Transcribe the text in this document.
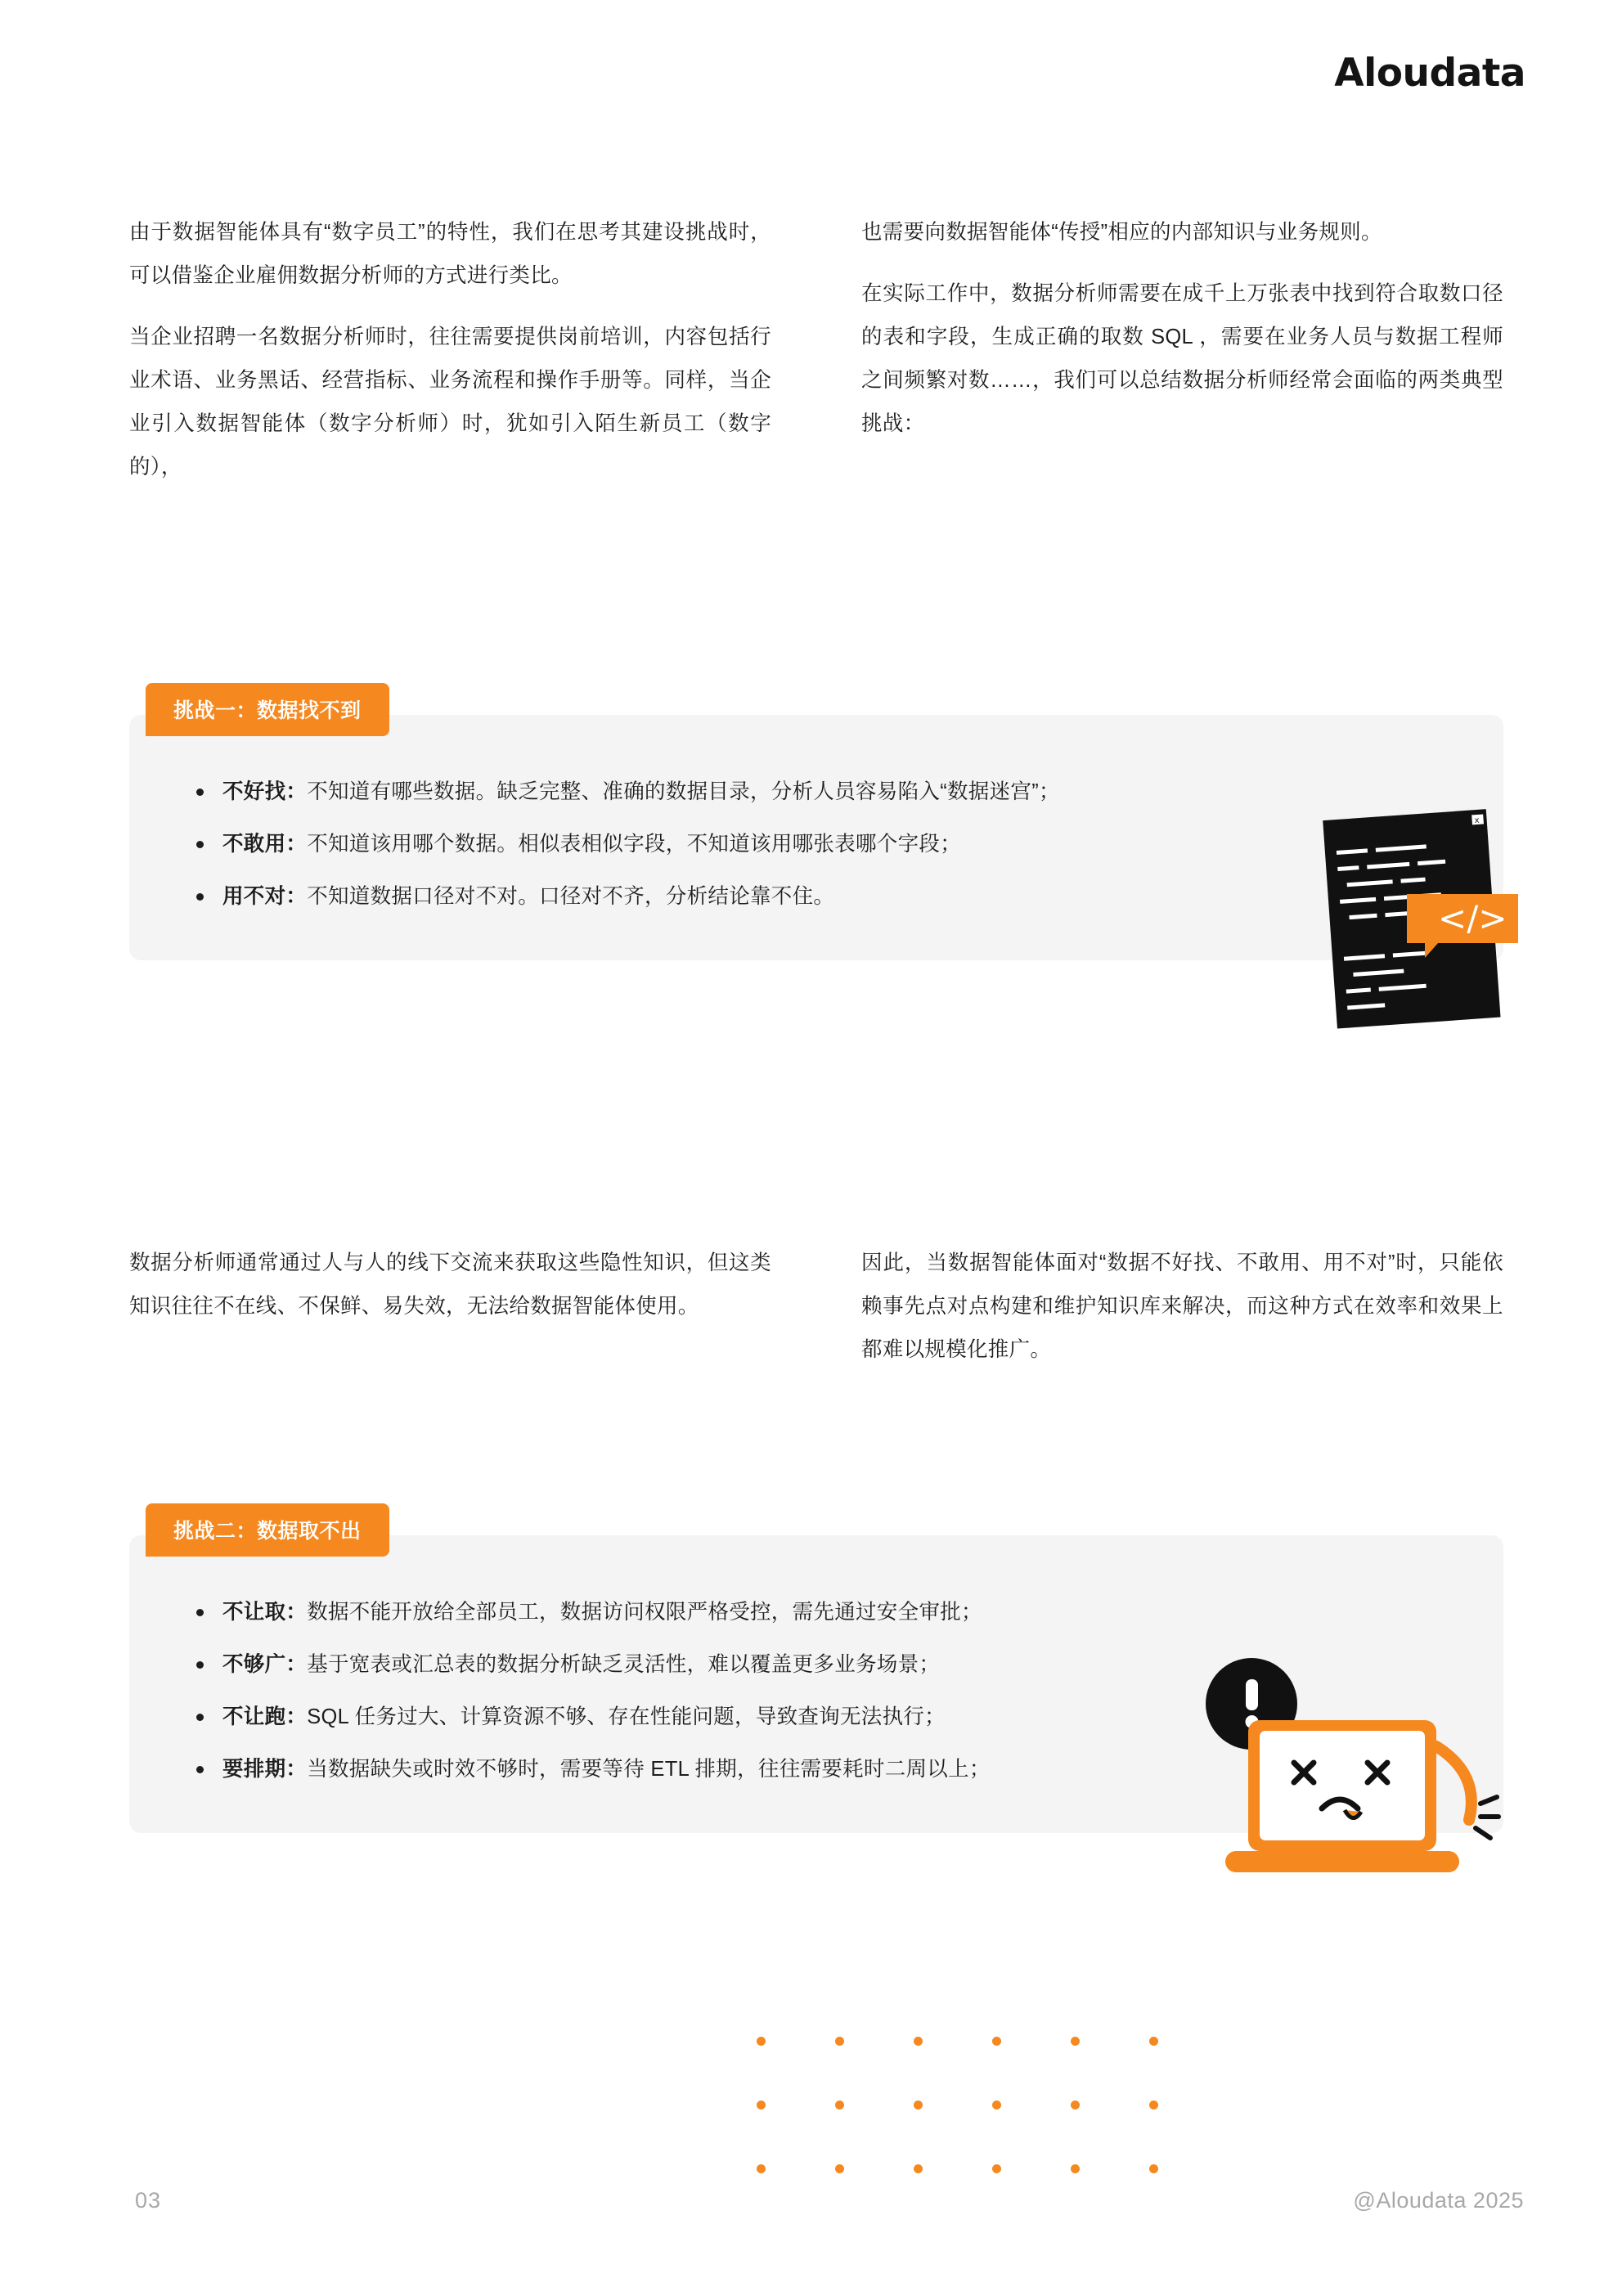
Aloudata

由于数据智能体具有“数字员工”的特性，我们在思考其建设挑战时，可以借鉴企业雇佣数据分析师的方式进行类比。

当企业招聘一名数据分析师时，往往需要提供岗前培训，内容包括行业术语、业务黑话、经营指标、业务流程和操作手册等。同样，当企业引入数据智能体（数字分析师）时，犹如引入陌生新员工（数字的），

也需要向数据智能体“传授”相应的内部知识与业务规则。

在实际工作中，数据分析师需要在成千上万张表中找到符合取数口径的表和字段，生成正确的取数 SQL ，需要在业务人员与数据工程师之间频繁对数……，我们可以总结数据分析师经常会面临的两类典型挑战：

挑战一：数据找不到
不好找：不知道有哪些数据。缺乏完整、准确的数据目录，分析人员容易陷入“数据迷宫”；
不敢用：不知道该用哪个数据。相似表相似字段，不知道该用哪张表哪个字段；
用不对：不知道数据口径对不对。口径对不齐，分析结论靠不住。
x
</>

数据分析师通常通过人与人的线下交流来获取这些隐性知识，但这类知识往往不在线、不保鲜、易失效，无法给数据智能体使用。

因此，当数据智能体面对“数据不好找、不敢用、用不对”时，只能依赖事先点对点构建和维护知识库来解决，而这种方式在效率和效果上都难以规模化推广。

挑战二：数据取不出
不让取：数据不能开放给全部员工，数据访问权限严格受控，需先通过安全审批；
不够广：基于宽表或汇总表的数据分析缺乏灵活性，难以覆盖更多业务场景；
不让跑：SQL 任务过大、计算资源不够、存在性能问题，导致查询无法执行；
要排期：当数据缺失或时效不够时，需要等待 ETL 排期，往往需要耗时二周以上；
03	@Aloudata 2025
